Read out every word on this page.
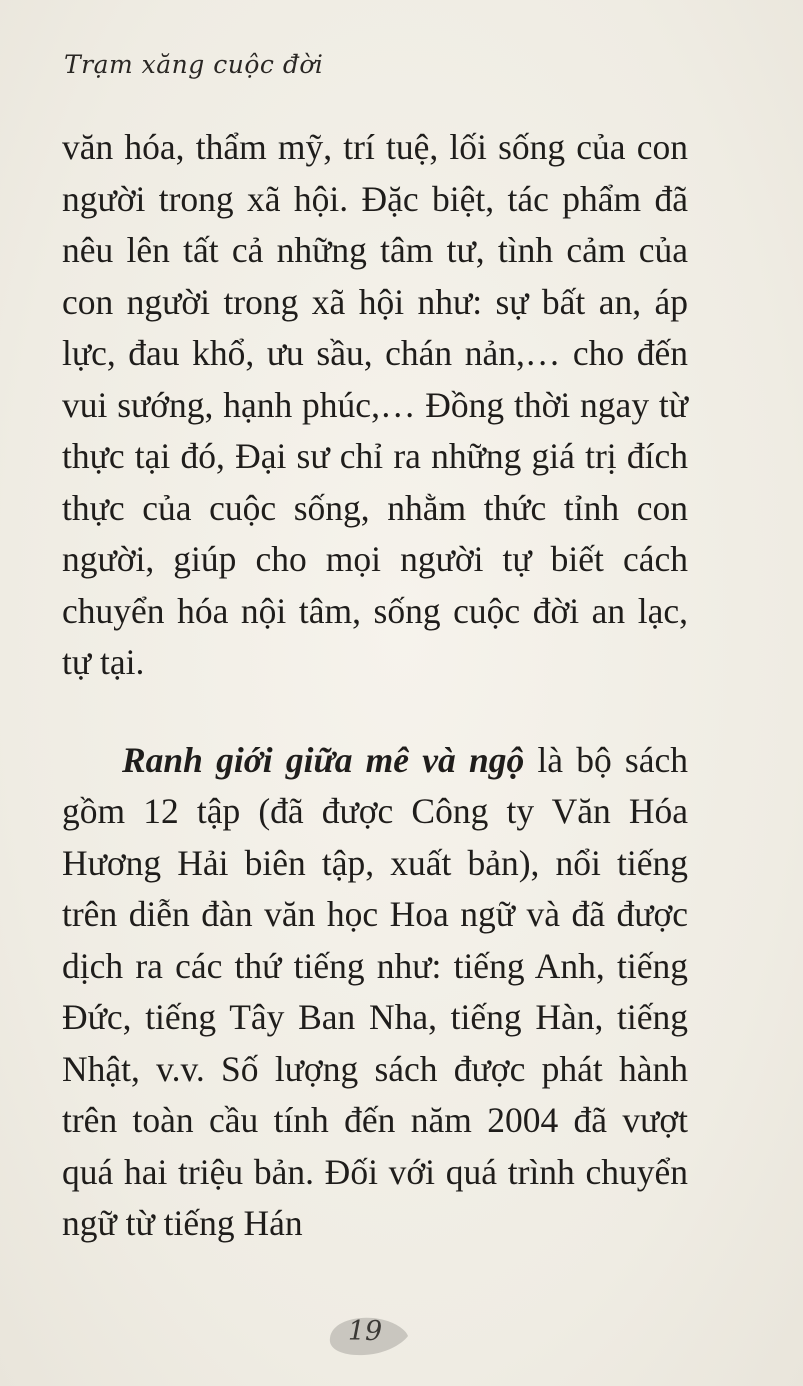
Trạm xăng cuộc đời

văn hóa, thẩm mỹ, trí tuệ, lối sống của con người trong xã hội. Đặc biệt, tác phẩm đã nêu lên tất cả những tâm tư, tình cảm của con người trong xã hội như: sự bất an, áp lực, đau khổ, ưu sầu, chán nản,… cho đến vui sướng, hạnh phúc,… Đồng thời ngay từ thực tại đó, Đại sư chỉ ra những giá trị đích thực của cuộc sống, nhằm thức tỉnh con người, giúp cho mọi người tự biết cách chuyển hóa nội tâm, sống cuộc đời an lạc, tự tại.

Ranh giới giữa mê và ngộ là bộ sách gồm 12 tập (đã được Công ty Văn Hóa Hương Hải biên tập, xuất bản), nổi tiếng trên diễn đàn văn học Hoa ngữ và đã được dịch ra các thứ tiếng như: tiếng Anh, tiếng Đức, tiếng Tây Ban Nha, tiếng Hàn, tiếng Nhật, v.v. Số lượng sách được phát hành trên toàn cầu tính đến năm 2004 đã vượt quá hai triệu bản. Đối với quá trình chuyển ngữ từ tiếng Hán

19
